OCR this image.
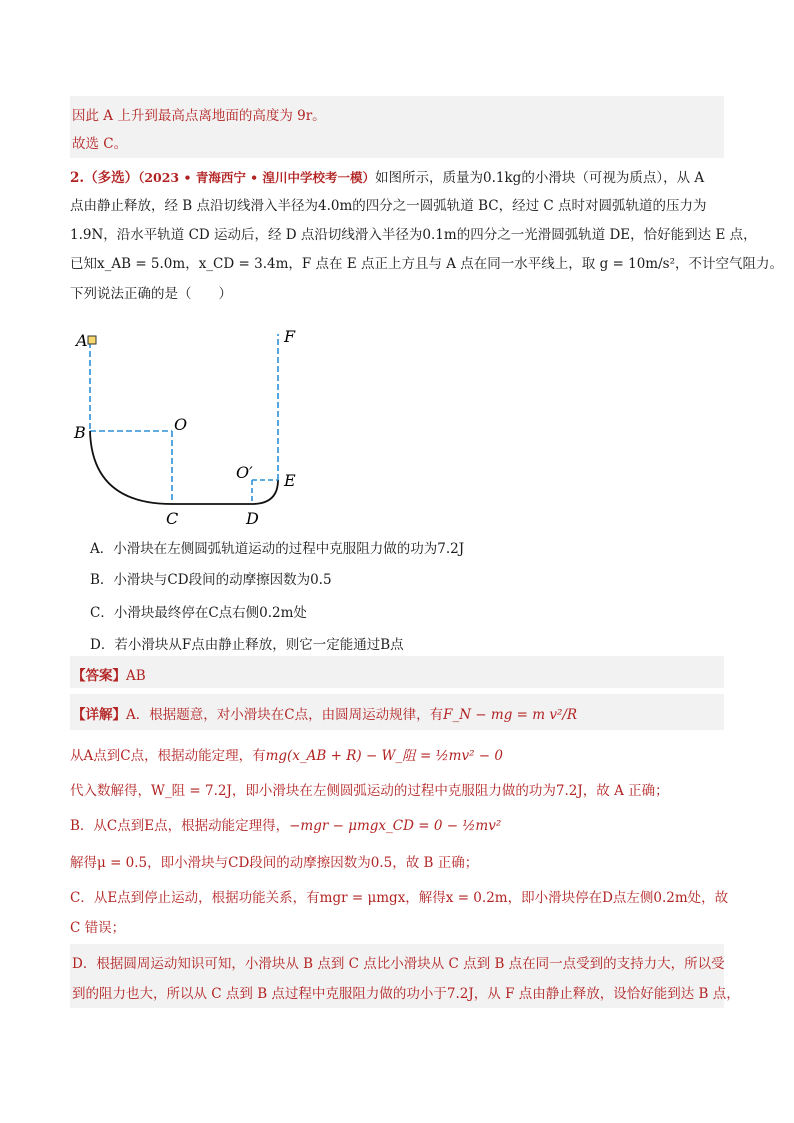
因此 A 上升到最高点离地面的高度为 9r。
故选 C。
2.（多选）（2023 • 青海西宁 • 湟川中学校考一模）如图所示，质量为0.1kg的小滑块（可视为质点），从 A
点由静止释放，经 B 点沿切线滑入半径为4.0m的四分之一圆弧轨道 BC，经过 C 点时对圆弧轨道的压力为
1.9N，沿水平轨道 CD 运动后，经 D 点沿切线滑入半径为0.1m的四分之一光滑圆弧轨道 DE，恰好能到达 E 点，
已知x_AB = 5.0m，x_CD = 3.4m，F 点在 E 点正上方且与 A 点在同一水平线上，取 g = 10m/s²，不计空气阻力。
下列说法正确的是（　　）
A
B	O
C	D
O′ E
F
A．小滑块在左侧圆弧轨道运动的过程中克服阻力做的功为7.2J
B．小滑块与CD段间的动摩擦因数为0.5
C．小滑块最终停在C点右侧0.2m处
D．若小滑块从F点由静止释放，则它一定能通过B点
【答案】AB
【详解】A．根据题意，对小滑块在C点，由圆周运动规律，有F_N − mg = m v²/R
从A点到C点，根据动能定理，有mg(x_AB + R) − W_阻 = ½mv² − 0
代入数解得，W_阻 = 7.2J，即小滑块在左侧圆弧运动的过程中克服阻力做的功为7.2J，故 A 正确；
B．从C点到E点，根据动能定理得，−mgr − μmgx_CD = 0 − ½mv²
解得μ = 0.5，即小滑块与CD段间的动摩擦因数为0.5，故 B 正确；
C．从E点到停止运动，根据功能关系，有mgr = μmgx，解得x = 0.2m，即小滑块停在D点左侧0.2m处，故
C 错误；
D．根据圆周运动知识可知，小滑块从 B 点到 C 点比小滑块从 C 点到 B 点在同一点受到的支持力大，所以受
到的阻力也大，所以从 C 点到 B 点过程中克服阻力做的功小于7.2J，从 F 点由静止释放，设恰好能到达 B 点，
